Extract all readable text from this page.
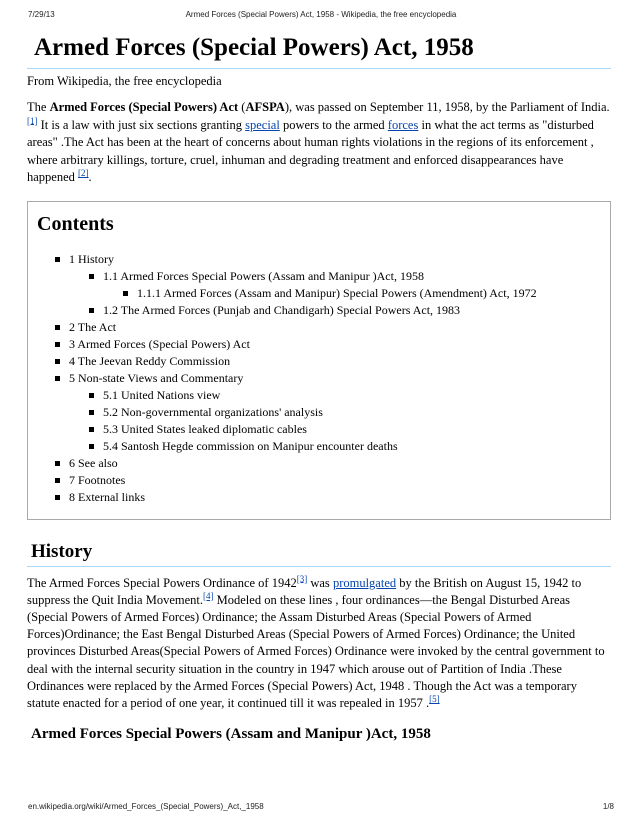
7/29/13	Armed Forces (Special Powers) Act, 1958 - Wikipedia, the free encyclopedia
Armed Forces (Special Powers) Act, 1958

From Wikipedia, the free encyclopedia

The Armed Forces (Special Powers) Act (AFSPA), was passed on September 11, 1958, by the Parliament of India.[1] It is a law with just six sections granting special powers to the armed forces in what the act terms as "disturbed areas" .The Act has been at the heart of concerns about human rights violations in the regions of its enforcement , where arbitrary killings, torture, cruel, inhuman and degrading treatment and enforced disappearances have happened [2].

Contents
1 History
1.1 Armed Forces Special Powers (Assam and Manipur )Act, 1958
1.1.1 Armed Forces (Assam and Manipur) Special Powers (Amendment) Act, 1972
1.2 The Armed Forces (Punjab and Chandigarh) Special Powers Act, 1983
2 The Act
3 Armed Forces (Special Powers) Act
4 The Jeevan Reddy Commission
5 Non-state Views and Commentary
5.1 United Nations view
5.2 Non-governmental organizations' analysis
5.3 United States leaked diplomatic cables
5.4 Santosh Hegde commission on Manipur encounter deaths
6 See also
7 Footnotes
8 External links
History

The Armed Forces Special Powers Ordinance of 1942[3] was promulgated by the British on August 15, 1942 to suppress the Quit India Movement.[4] Modeled on these lines , four ordinances—the Bengal Disturbed Areas (Special Powers of Armed Forces) Ordinance; the Assam Disturbed Areas (Special Powers of Armed Forces)Ordinance; the East Bengal Disturbed Areas (Special Powers of Armed Forces) Ordinance; the United provinces Disturbed Areas(Special Powers of Armed Forces) Ordinance were invoked by the central government to deal with the internal security situation in the country in 1947 which arouse out of Partition of India .These Ordinances were replaced by the Armed Forces (Special Powers) Act, 1948 . Though the Act was a temporary statute enacted for a period of one year, it continued till it was repealed in 1957 .[5]

Armed Forces Special Powers (Assam and Manipur )Act, 1958
en.wikipedia.org/wiki/Armed_Forces_(Special_Powers)_Act,_1958	1/8
